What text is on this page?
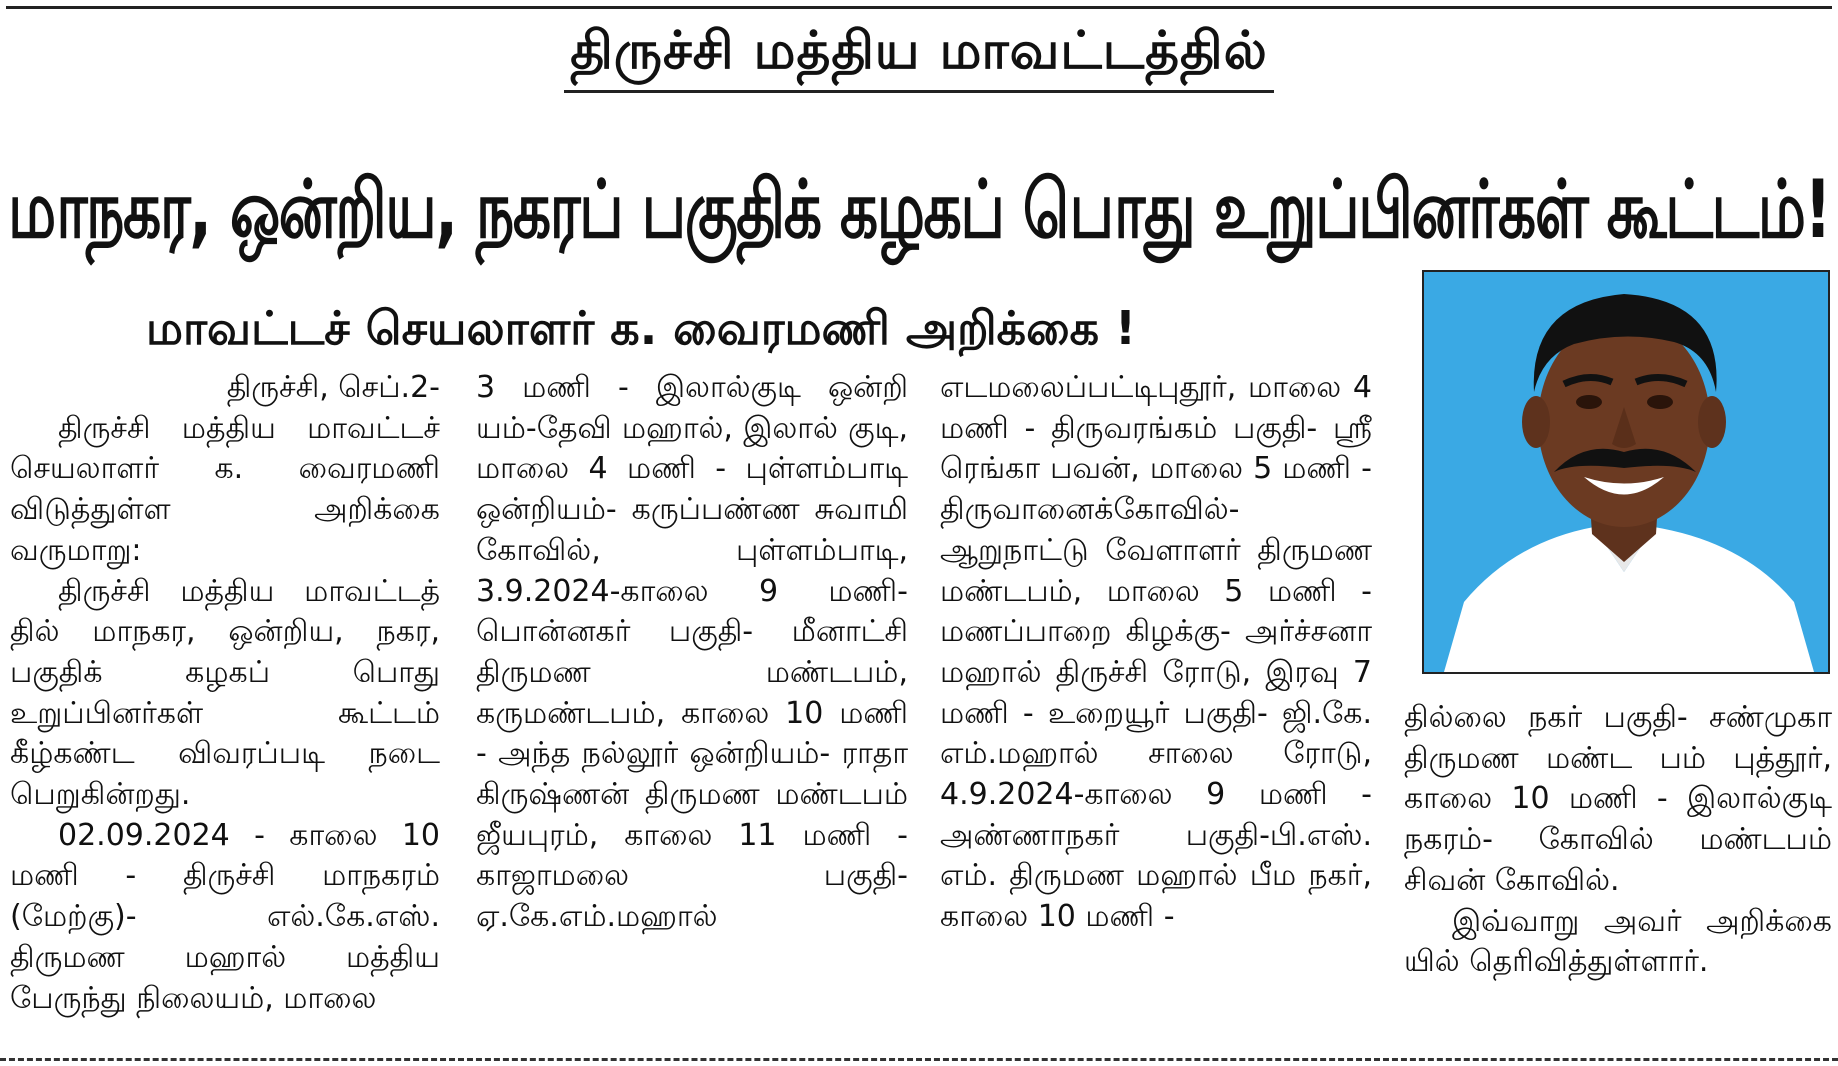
திருச்சி மத்திய மாவட்டத்தில்
மாநகர, ஒன்றிய, நகரப் பகுதிக் கழகப் பொது உறுப்பினர்கள் கூட்டம்!
மாவட்டச் செயலாளர் க. வைரமணி அறிக்கை !

திருச்சி, செப்.2-

திருச்சி மத்திய மாவட்டச் செயலாளர் க. வைரமணி விடுத்துள்ள அறிக்கை வருமாறு:

திருச்சி மத்திய மாவட்டத் தில் மாநகர, ஒன்றிய, நகர, பகுதிக் கழகப் பொது உறுப்பினர்கள் கூட்டம் கீழ்கண்ட விவரப்படி நடை பெறுகின்றது.

02.09.2024 - காலை 10 மணி - திருச்சி மாநகரம் (மேற்கு)- எல்.கே.எஸ். திருமண மஹால் மத்திய பேருந்து நிலையம், மாலை

3 மணி - இலால்குடி ஒன்றி யம்-தேவி மஹால், இலால் குடி, மாலை 4 மணி - புள்ளம்பாடி ஒன்றியம்- கருப்பண்ண சுவாமி கோவில், புள்ளம்பாடி, 3.9.2024-காலை 9 மணி- பொன்னகர் பகுதி- மீனாட்சி திருமண மண்டபம், கருமண்டபம், காலை 10 மணி - அந்த நல்லூர் ஒன்றியம்- ராதா கிருஷ்ணன் திருமண மண்டபம் ஜீயபுரம், காலை 11 மணி - காஜாமலை பகுதி-ஏ.கே.எம்.மஹால்

எடமலைப்பட்டிபுதூர், மாலை 4 மணி - திருவரங்கம் பகுதி- ஸ்ரீ ரெங்கா பவன், மாலை 5 மணி - திருவானைக்கோவில்- ஆறுநாட்டு வேளாளர் திருமண மண்டபம், மாலை 5 மணி - மணப்பாறை கிழக்கு- அர்ச்சனா மஹால் திருச்சி ரோடு, இரவு 7 மணி - உறையூர் பகுதி- ஜி.கே. எம்.மஹால் சாலை ரோடு, 4.9.2024-காலை 9 மணி - அண்ணாநகர் பகுதி-பி.எஸ். எம். திருமண மஹால் பீம நகர், காலை 10 மணி -

தில்லை நகர் பகுதி- சண்முகா திருமண மண்ட பம் புத்தூர், காலை 10 மணி - இலால்குடி நகரம்- கோவில் மண்டபம் சிவன் கோவில்.

இவ்வாறு அவர் அறிக்கை யில் தெரிவித்துள்ளார்.
